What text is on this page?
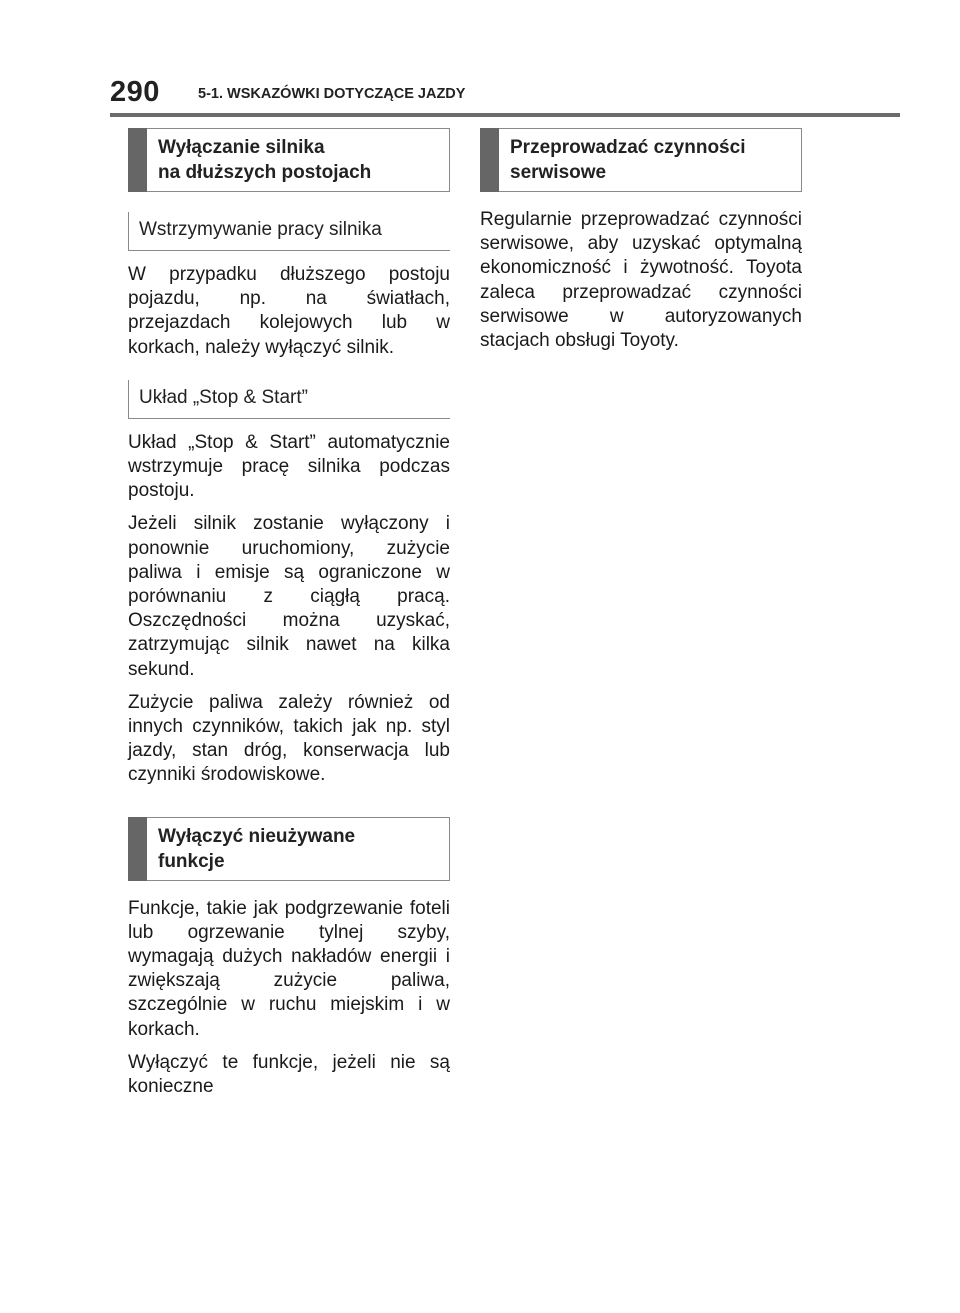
290	5-1. WSKAZÓWKI DOTYCZĄCE JAZDY
Wyłączanie silnika
na dłuższych postojach
Wstrzymywanie pracy silnika

W przypadku dłuższego postoju pojazdu, np. na światłach, przejazdach kolejowych lub w korkach, należy wyłączyć silnik.

Układ „Stop & Start”

Układ „Stop & Start” automatycznie wstrzymuje pracę silnika podczas postoju.

Jeżeli silnik zostanie wyłączony i ponownie uruchomiony, zużycie paliwa i emisje są ograniczone w porównaniu z ciągłą pracą. Oszczędności można uzyskać, zatrzymując silnik nawet na kilka sekund.

Zużycie paliwa zależy również od innych czynników, takich jak np. styl jazdy, stan dróg, konserwacja lub czynniki środowiskowe.

Wyłączyć nieużywane
funkcje

Funkcje, takie jak podgrzewanie foteli lub ogrzewanie tylnej szyby, wymagają dużych nakładów energii i zwiększają zużycie paliwa, szczególnie w ruchu miejskim i w korkach.

Wyłączyć te funkcje, jeżeli nie są konieczne

Przeprowadzać czynności
serwisowe

Regularnie przeprowadzać czynności serwisowe, aby uzyskać optymalną ekonomiczność i żywotność. Toyota zaleca przeprowadzać czynności serwisowe w autoryzowanych stacjach obsługi Toyoty.
